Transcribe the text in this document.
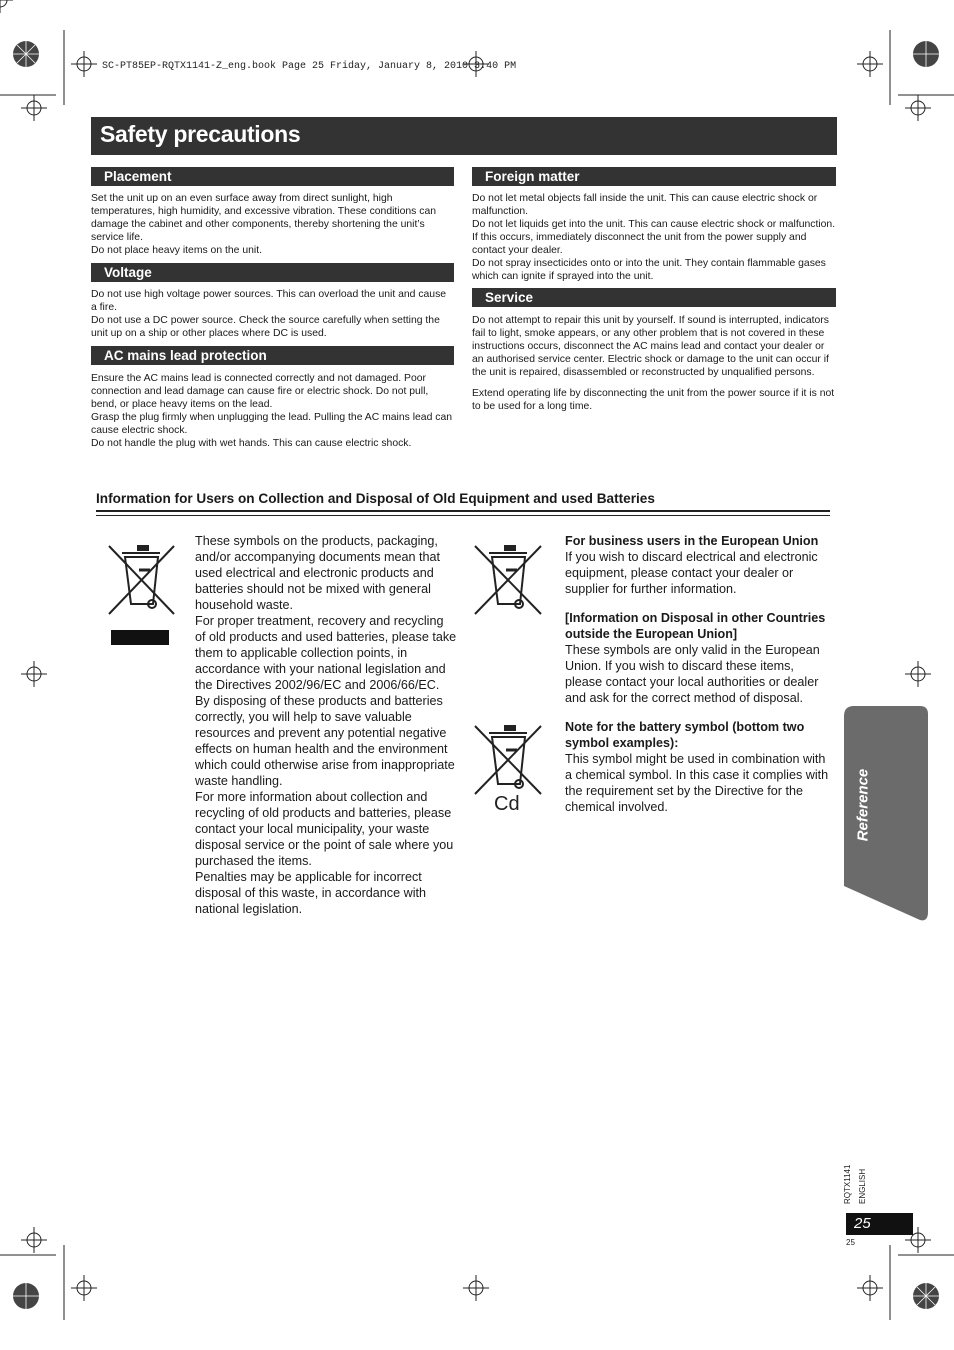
SC-PT85EP-RQTX1141-Z_eng.book Page 25 Friday, January 8, 2010 3:40 PM
Safety precautions
Placement

Set the unit up on an even surface away from direct sunlight, high temperatures, high humidity, and excessive vibration. These conditions can damage the cabinet and other components, thereby shortening the unit’s service life.

Do not place heavy items on the unit.

Voltage

Do not use high voltage power sources. This can overload the unit and cause a fire.

Do not use a DC power source. Check the source carefully when setting the unit up on a ship or other places where DC is used.

AC mains lead protection

Ensure the AC mains lead is connected correctly and not damaged. Poor connection and lead damage can cause fire or electric shock. Do not pull, bend, or place heavy items on the lead.

Grasp the plug firmly when unplugging the lead. Pulling the AC mains lead can cause electric shock.

Do not handle the plug with wet hands. This can cause electric shock.

Foreign matter

Do not let metal objects fall inside the unit. This can cause electric shock or malfunction.

Do not let liquids get into the unit. This can cause electric shock or malfunction. If this occurs, immediately disconnect the unit from the power supply and contact your dealer.

Do not spray insecticides onto or into the unit. They contain flammable gases which can ignite if sprayed into the unit.

Service

Do not attempt to repair this unit by yourself. If sound is interrupted, indicators fail to light, smoke appears, or any other problem that is not covered in these instructions occurs, disconnect the AC mains lead and contact your dealer or an authorised service center. Electric shock or damage to the unit can occur if the unit is repaired, disassembled or reconstructed by unqualified persons.

Extend operating life by disconnecting the unit from the power source if it is not to be used for a long time.

Information for Users on Collection and Disposal of Old Equipment and used Batteries

These symbols on the products, packaging, and/or accompanying documents mean that used electrical and electronic products and batteries should not be mixed with general household waste.

For proper treatment, recovery and recycling of old products and used batteries, please take them to applicable collection points, in accordance with your national legislation and the Directives 2002/96/EC and 2006/66/EC.

By disposing of these products and batteries correctly, you will help to save valuable resources and prevent any potential negative effects on human health and the environment which could otherwise arise from inappropriate waste handling.

For more information about collection and recycling of old products and batteries, please contact your local municipality, your waste disposal service or the point of sale where you purchased the items.

Penalties may be applicable for incorrect disposal of this waste, in accordance with national legislation.

Cd

For business users in the European Union

If you wish to discard electrical and electronic equipment, please contact your dealer or supplier for further information.

[Information on Disposal in other Countries outside the European Union]

These symbols are only valid in the European Union. If you wish to discard these items, please contact your local authorities or dealer and ask for the correct method of disposal.

Note for the battery symbol (bottom two symbol examples):

This symbol might be used in combination with a chemical symbol. In this case it complies with the requirement set by the Directive for the chemical involved.	Reference
RQTX1141 ENGLISH
25
25
